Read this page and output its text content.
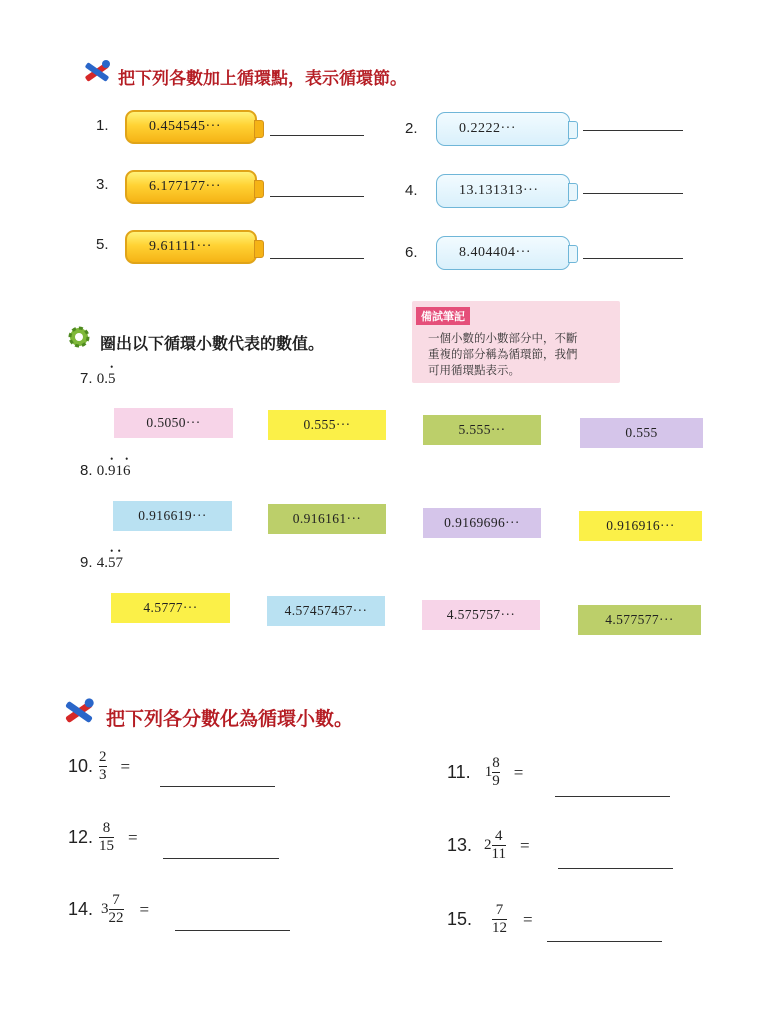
把下列各數加上循環點，表示循環節。
1.	0.454545···	2.	0.2222···
3.	6.177177···	4.	13.131313···
5.	9.61111···	6.	8.404404···
圈出以下循環小數代表的數值。
備試筆記
一個小數的小數部分中，不斷
重複的部分稱為循環節，我們
可用循環點表示。
7. 0.• 5
0.5050···	0.555···	5.555···	0.555
8. 0.• 91• 6
0.916619···	0.916161···	0.9169696···	0.916916···
9. 4.• 5• 7
4.5777···	4.57457457···	4.575757···	4.577577···
把下列各分數化為循環小數。
10. $\frac{2}{3}$ =	11. $1 \frac{8}{9}$ =
12. $\frac{8}{15}$ =	13. $2 \frac{4}{11}$ =
14. $3 \frac{7}{22}$ =	15. $\frac{7}{12}$ =
